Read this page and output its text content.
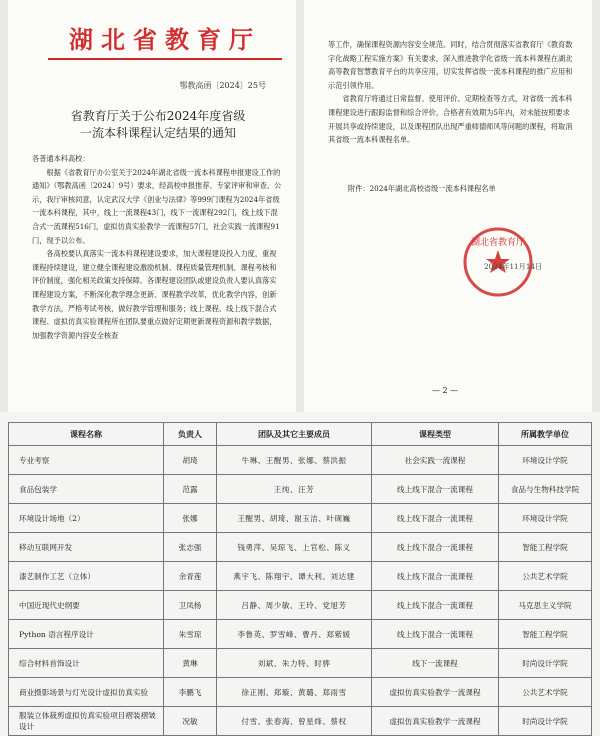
湖北省教育厅
鄂教高函〔2024〕25号
省教育厅关于公布2024年度省级
一流本科课程认定结果的通知

各普通本科高校：

根据《省教育厅办公室关于2024年湖北省级一流本科课程申报建设工作的通知》（鄂教高函〔2024〕9号）要求，经高校申报推荐、专家评审和审查、公示，我厅审核同意，认定武汉大学《创业与法律》等999门课程为2024年省级一流本科课程，其中，线上一流课程43门，线下一流课程292门，线上线下混合式一流课程516门，虚拟仿真实验教学一流课程57门，社会实践一流课程91门，现予以公布。

各高校要认真落实一流本科课程建设要求，加大课程建设投入力度，重视课程持续建设，建立健全课程建设激励机制、课程质量管理机制、课程考核和评价制度，强化相关政策支持保障。各课程建设团队或建设负责人要认真落实课程建设方案，不断深化教学理念更新、课程教学改革，优化教学内容，创新教学方法，严格考试考核，做好教学管理和服务；线上课程、线上线下混合式课程、虚拟仿真实验课程所在团队要重点做好定期更新课程资源和教学数据，加强教学资源内容安全核查

等工作，确保课程资源内容安全规范。同时，结合贯彻落实省教育厅《教育数字化战略工程实施方案》有关要求，深入推进教学化省级一流本科课程在湖北高等教育智慧教育平台的共享应用，切实发挥省级一流本科课程的推广应用和示范引领作用。

省教育厅将通过日常监督、使用评价、定期检查等方式，对省级一流本科课程建设进行跟踪监督和综合评价，合格者有效期为5年内，对未能按照要求开展共享或持续建设，以及课程团队出现严重师德师风等问题的课程，将取消其省级一流本科课程名单。

附件：2024年湖北高校省级一流本科课程名单
湖北省教育厅
2024年11月14日
— 2 —
课程名称	负责人	团队及其它主要成员	课程类型	所属教学单位
专业考察	胡琦	牛琳、王醒男、张娜、蔡洪振	社会实践一流课程	环境设计学院
食品包装学	范露	王纯、汪芳	线上线下混合一流课程	食品与生物科技学院
环境设计场地（2）	张娜	王醒男、胡琦、谢玉洁、叶砚巍	线上线下混合一流课程	环境设计学院
移动互联网开发	张志强	钱勇萍、吴琼飞、上官松、陈义	线上线下混合一流课程	智能工程学院
漆艺制作工艺（立体）	余青莲	燕宇飞、陈翔宇、谭大利、刘达建	线上线下混合一流课程	公共艺术学院
中国近现代史纲要	卫凤杨	吕静、周少敏、王玲、党旭芳	线上线下混合一流课程	马克思主义学院
Python 语言程序设计	朱雪琼	李鲁英、罗雪峰、曹丹、郑紫媛	线上线下混合一流课程	智能工程学院
综合材料首饰设计	黄琳	刘斌、朱力特、时骅	线下一流课程	时尚设计学院
商业摄影场景与灯光设计虚拟仿真实验	李鹏飞	徐正刚、郑璇、黄璐、郑雨雪	虚拟仿真实验教学一流课程	公共艺术学院
服装立体裁剪虚拟仿真实验项目褶装褶皱设计	况敏	付雪、张春海、曾星烽、蔡权	虚拟仿真实验教学一流课程	时尚设计学院
